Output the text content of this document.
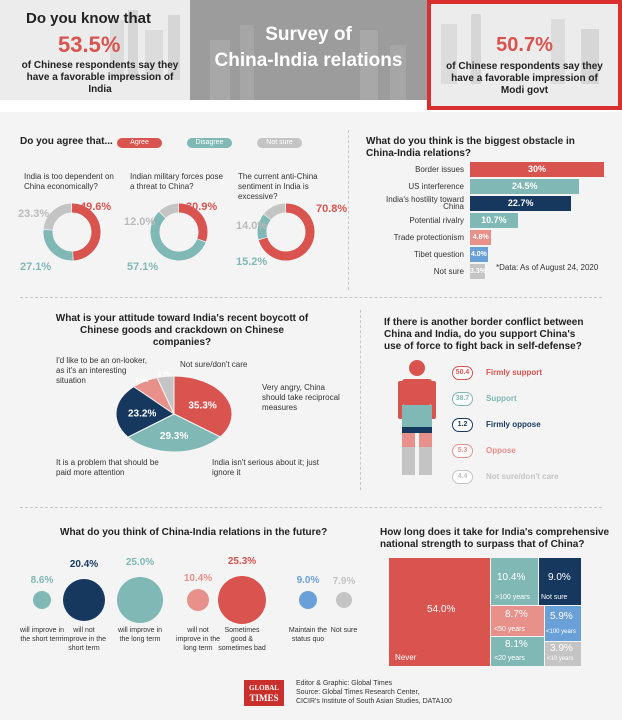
Do you know that
53.5%
of Chinese respondents say they have a favorable impression of India
Survey of
China-India relations
50.7%
of Chinese respondents say they have a favorable impression of Modi govt
Do you agree that...	Agree	Disagree	Not sure
India is too dependent on China economically?
Indian military forces pose a threat to China?
The current anti-China sentiment in India is excessive?
49.6%
27.1%
23.3%
30.9%
57.1%
12.0%
70.8%
15.2%
14.0%
What do you think is the biggest obstacle in China-India relations?
Border issues	30%
US interference	24.5%
India's hostility toward China	22.7%
Potential rivalry	10.7%
Trade protectionism	4.8%
Tibet question 4.0%
Not sure 3.3% *Data: As of August 24, 2020
What is your attitude toward India's recent boycott of Chinese goods and crackdown on Chinese companies?
35.3%
29.3%
23.2%
7.5%
4.7%
I'd like to be an on-looker, as it's an interesting situation
Not sure/don't care
Very angry, China should take reciprocal measures
It is a problem that should be paid more attention
India isn't serious about it; just ignore it
If there is another border conflict between China and India, do you support China's use of force to fight back in self-defense?
50.4	Firmly support
38.7	Support
1.2	Firmly oppose
5.3	Oppose
4.4	Not sure/don't care
What do you think of China-India relations in the future?
8.6%
will improve in the short term
20.4%
will not improve in the short term
25.0%
will improve in the long term
10.4%
will not improve in the long term
25.3%
Sometimes good & sometimes bad
9.0%
Maintain the status quo
7.9%
Not sure
How long does it take for India's comprehensive national strength to surpass that of China?
54.0%
Never
10.4%
>100 years
9.0%
Not sure
8.7%
<50 years
5.9%
<100 years
8.1%
<20 years
3.9%
<10 years
GLOBAL
TIMES
Editor & Graphic: Global Times
Source: Global Times Research Center,
CICIR's Institute of South Asian Studies, DATA100
